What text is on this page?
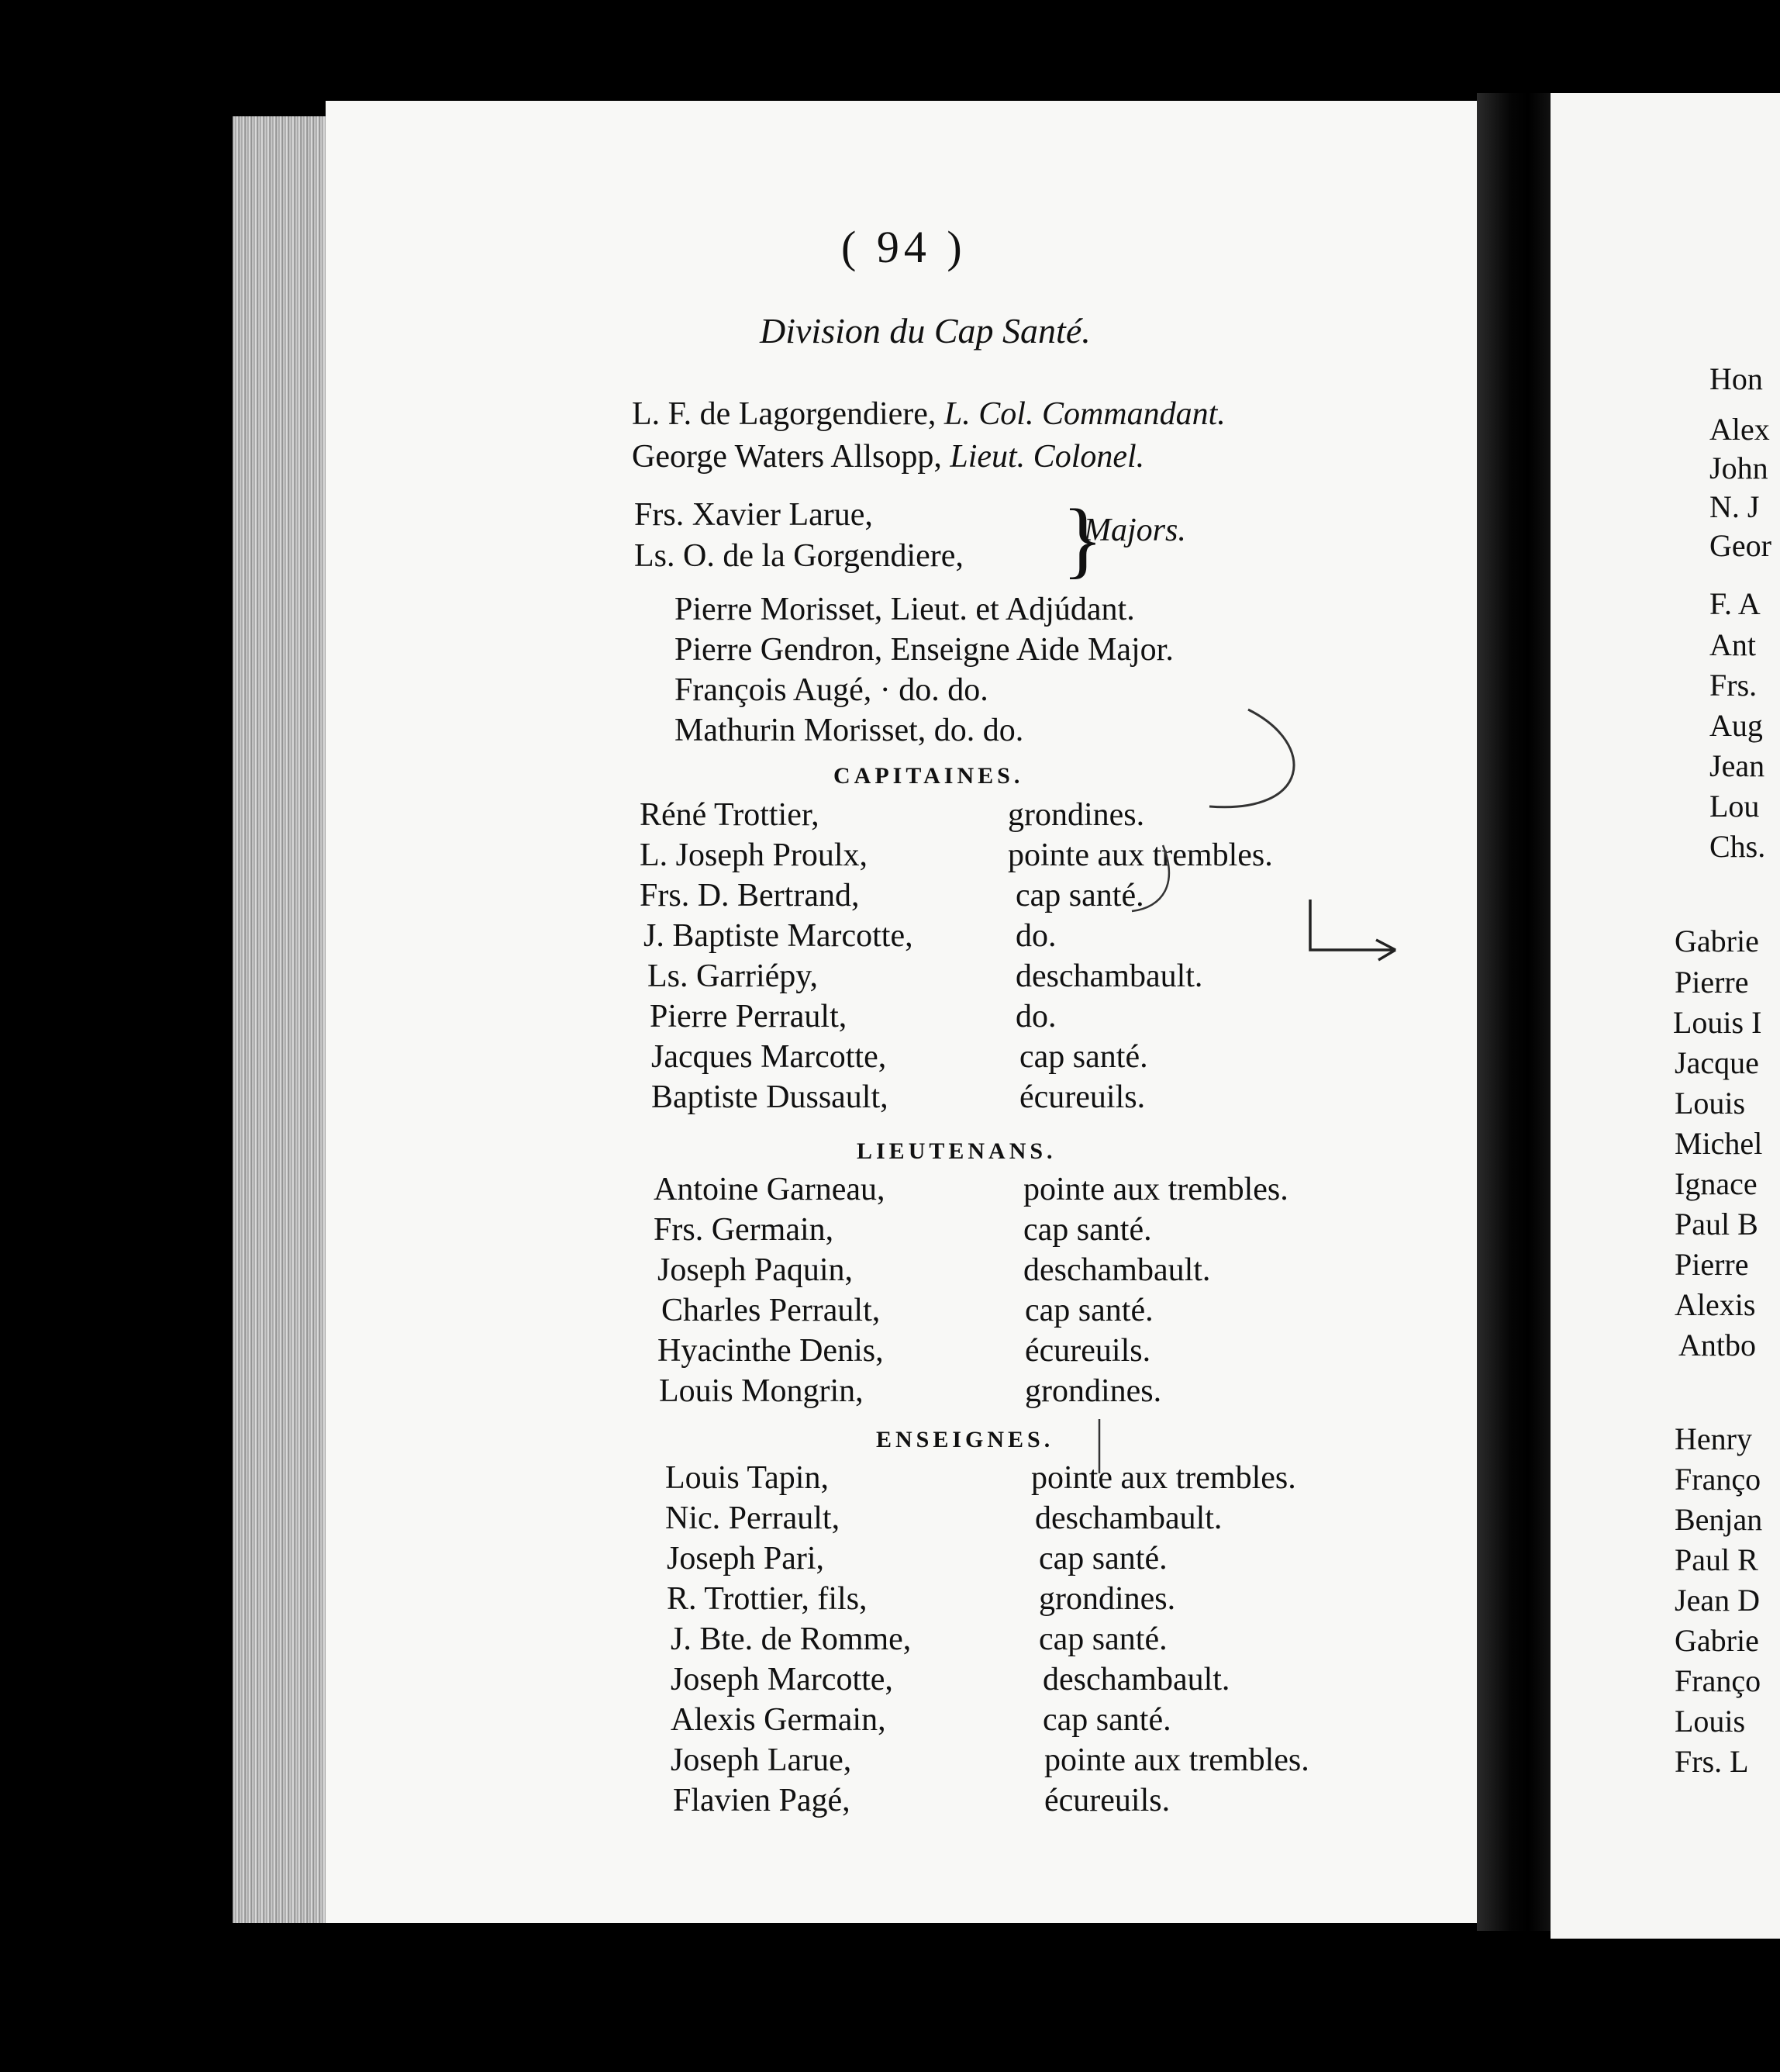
( 94 )
Division du Cap Santé.
L. F. de Lagorgendiere, L. Col. Commandant.
George Waters Allsopp, Lieut. Colonel.
Frs. Xavier Larue,
Ls. O. de la Gorgendiere, }
Majors.
Pierre Morisset, Lieut. et Adjúdant.
Pierre Gendron, Enseigne Aide Major.
François Augé, · do. do.
Mathurin Morisset, do. do.
CAPITAINES.
Réné Trottier,	grondines.
L. Joseph Proulx,	pointe aux trembles.
Frs. D. Bertrand,	cap santé.
J. Baptiste Marcotte,	do.
Ls. Garriépy,	deschambault.
Pierre Perrault,	do.
Jacques Marcotte,	cap santé.
Baptiste Dussault,	écureuils.
LIEUTENANS.
Antoine Garneau,	pointe aux trembles.
Frs. Germain,	cap santé.
Joseph Paquin,	deschambault.
Charles Perrault,	cap santé.
Hyacinthe Denis,	écureuils.
Louis Mongrin,	grondines.
ENSEIGNES.
Louis Tapin,	pointe aux trembles.
Nic. Perrault,	deschambault.
Joseph Pari,	cap santé.
R. Trottier, fils,	grondines.
J. Bte. de Romme,	cap santé.
Joseph Marcotte,	deschambault.
Alexis Germain,	cap santé.
Joseph Larue,	pointe aux trembles.
Flavien Pagé,	écureuils.
Hon
Alex
John
N. J
Geor
F. A
Ant
Frs.
Aug
Jean
Lou
Chs.
Gabrie
Pierre
Louis I
Jacque
Louis
Michel
Ignace
Paul B
Pierre
Alexis
Antbo
Henry
Franço
Benjan
Paul R
Jean D
Gabrie
Franço
Louis
Frs. L
